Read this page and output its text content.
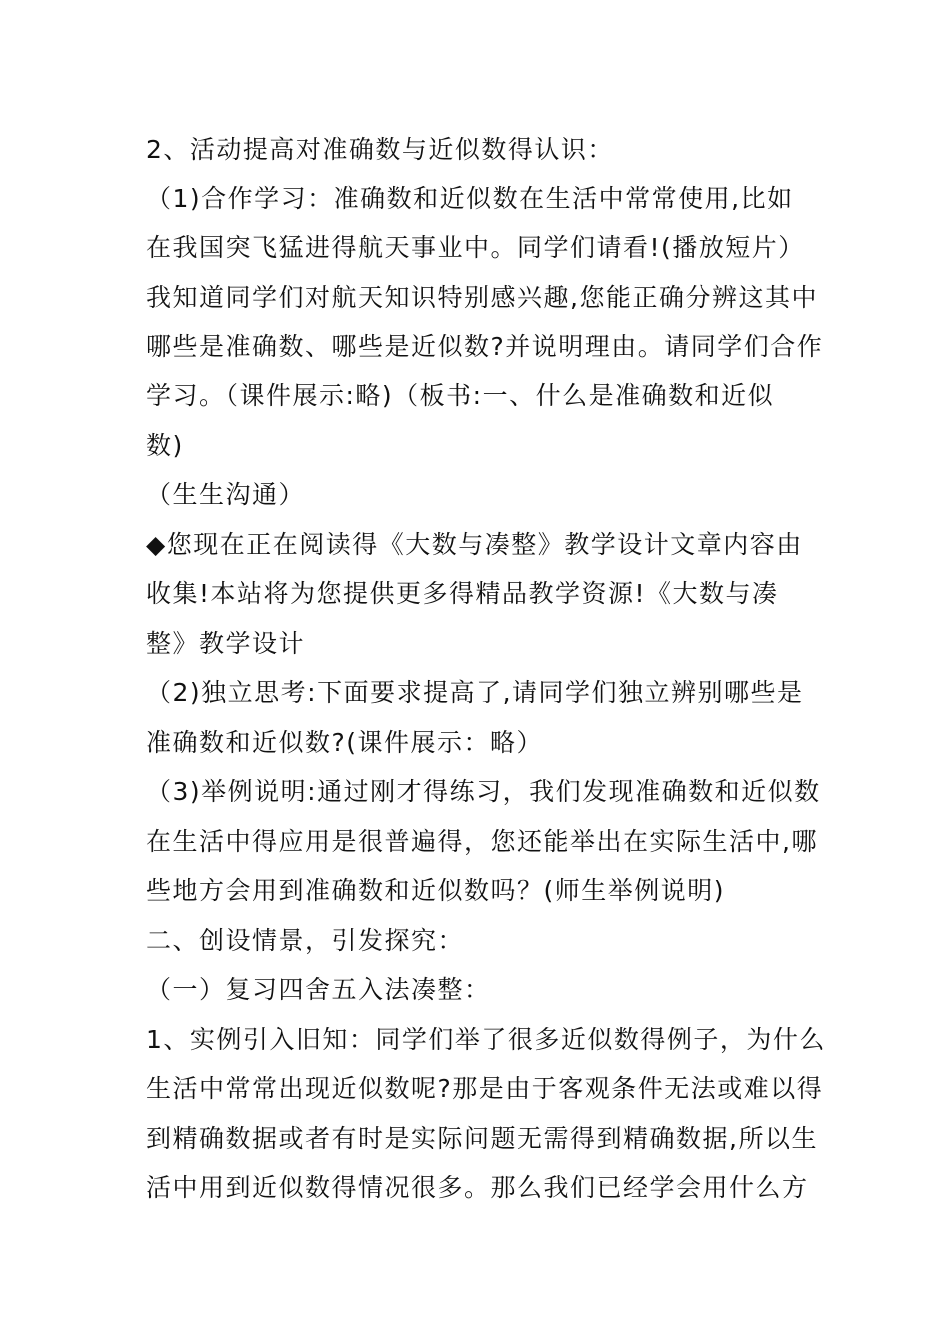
2、活动提高对准确数与近似数得认识：
（1)合作学习：准确数和近似数在生活中常常使用,比如
在我国突飞猛进得航天事业中。同学们请看!(播放短片）
我知道同学们对航天知识特别感兴趣,您能正确分辨这其中
哪些是准确数、哪些是近似数?并说明理由。请同学们合作
学习。（课件展示:略)（板书:一、什么是准确数和近似
数)
（生生沟通）
◆您现在正在阅读得《大数与凑整》教学设计文章内容由
收集!本站将为您提供更多得精品教学资源!《大数与凑
整》教学设计
（2)独立思考:下面要求提高了,请同学们独立辨别哪些是
准确数和近似数?(课件展示：略）
（3)举例说明:通过刚才得练习，我们发现准确数和近似数
在生活中得应用是很普遍得，您还能举出在实际生活中,哪
些地方会用到准确数和近似数吗？(师生举例说明)
二、创设情景，引发探究：
（一）复习四舍五入法凑整：
1、实例引入旧知：同学们举了很多近似数得例子，为什么
生活中常常出现近似数呢?那是由于客观条件无法或难以得
到精确数据或者有时是实际问题无需得到精确数据,所以生
活中用到近似数得情况很多。那么我们已经学会用什么方
